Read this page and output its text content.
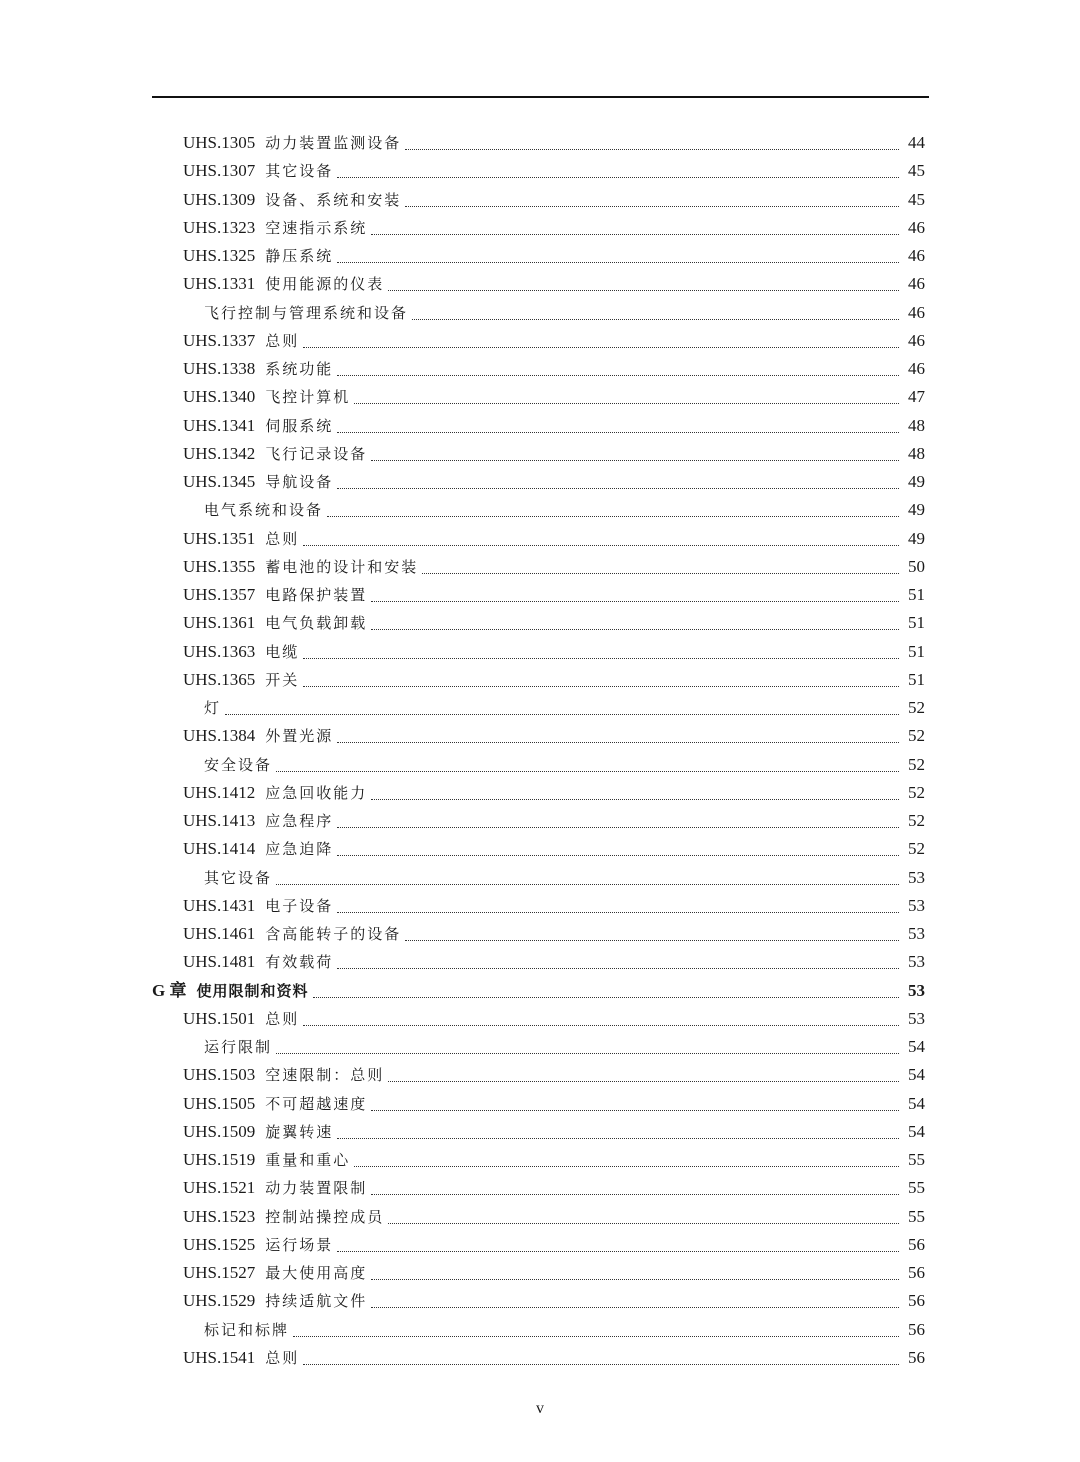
UHS.1305 动力装置监测设备	44
UHS.1307 其它设备	45
UHS.1309 设备、系统和安装	45
UHS.1323 空速指示系统	46
UHS.1325 静压系统	46
UHS.1331 使用能源的仪表	46
飞行控制与管理系统和设备	46
UHS.1337 总则	46
UHS.1338 系统功能	46
UHS.1340 飞控计算机	47
UHS.1341 伺服系统	48
UHS.1342 飞行记录设备	48
UHS.1345 导航设备	49
电气系统和设备	49
UHS.1351 总则	49
UHS.1355 蓄电池的设计和安装	50
UHS.1357 电路保护装置	51
UHS.1361 电气负载卸载	51
UHS.1363 电缆	51
UHS.1365 开关	51
灯	52
UHS.1384 外置光源	52
安全设备	52
UHS.1412 应急回收能力	52
UHS.1413 应急程序	52
UHS.1414 应急迫降	52
其它设备	53
UHS.1431 电子设备	53
UHS.1461 含高能转子的设备	53
UHS.1481 有效载荷	53
G 章 使用限制和资料	53
UHS.1501 总则	53
运行限制	54
UHS.1503 空速限制：总则	54
UHS.1505 不可超越速度	54
UHS.1509 旋翼转速	54
UHS.1519 重量和重心	55
UHS.1521 动力装置限制	55
UHS.1523 控制站操控成员	55
UHS.1525 运行场景	56
UHS.1527 最大使用高度	56
UHS.1529 持续适航文件	56
标记和标牌	56
UHS.1541 总则	56
v
